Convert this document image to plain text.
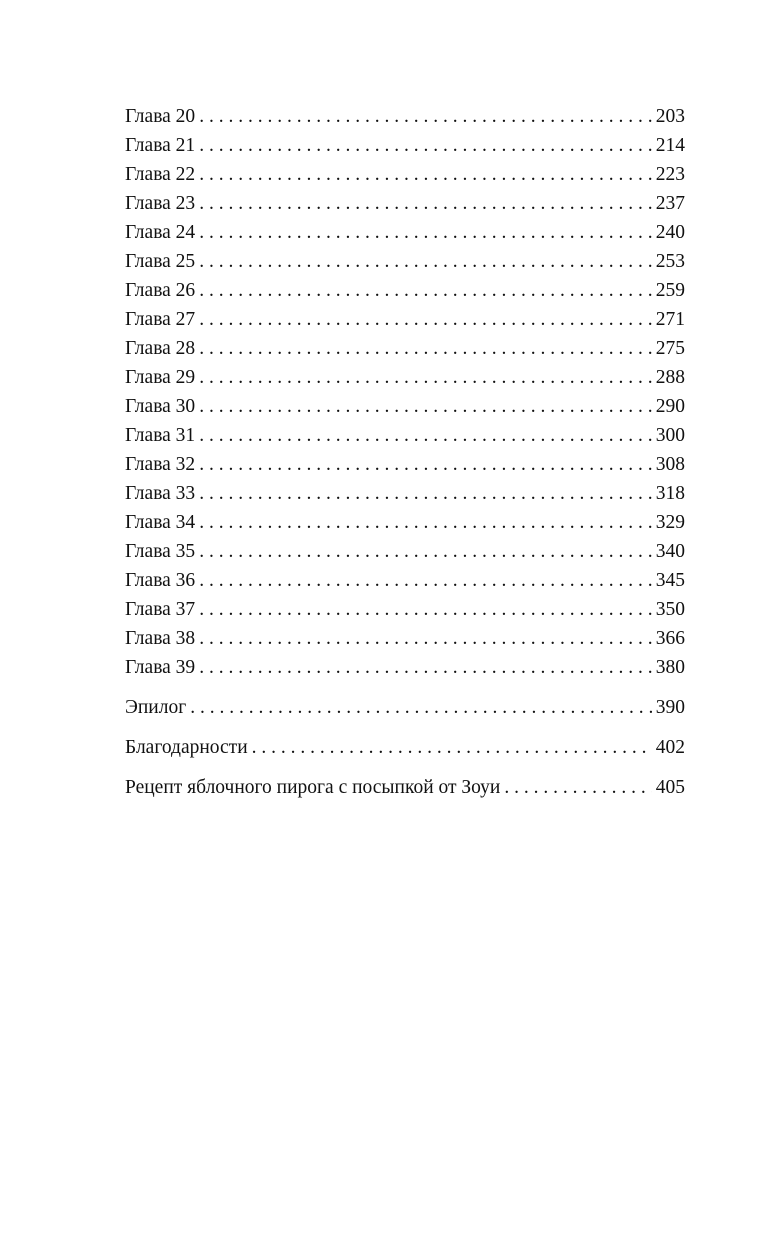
Глава 20 . . .	203
Глава 21 . . .	214
Глава 22 . . .	223
Глава 23 . . .	237
Глава 24 . . .	240
Глава 25 . . .	253
Глава 26 . . .	259
Глава 27 . . .	271
Глава 28 . . .	275
Глава 29 . . .	288
Глава 30 . . .	290
Глава 31 . . .	300
Глава 32 . . .	308
Глава 33 . . .	318
Глава 34 . . .	329
Глава 35 . . .	340
Глава 36 . . .	345
Глава 37 . . .	350
Глава 38 . . .	366
Глава 39 . . .	380
Эпилог . . .	390
Благодарности . . .	402
Рецепт яблочного пирога с посыпкой от Зоуи . . .	405
